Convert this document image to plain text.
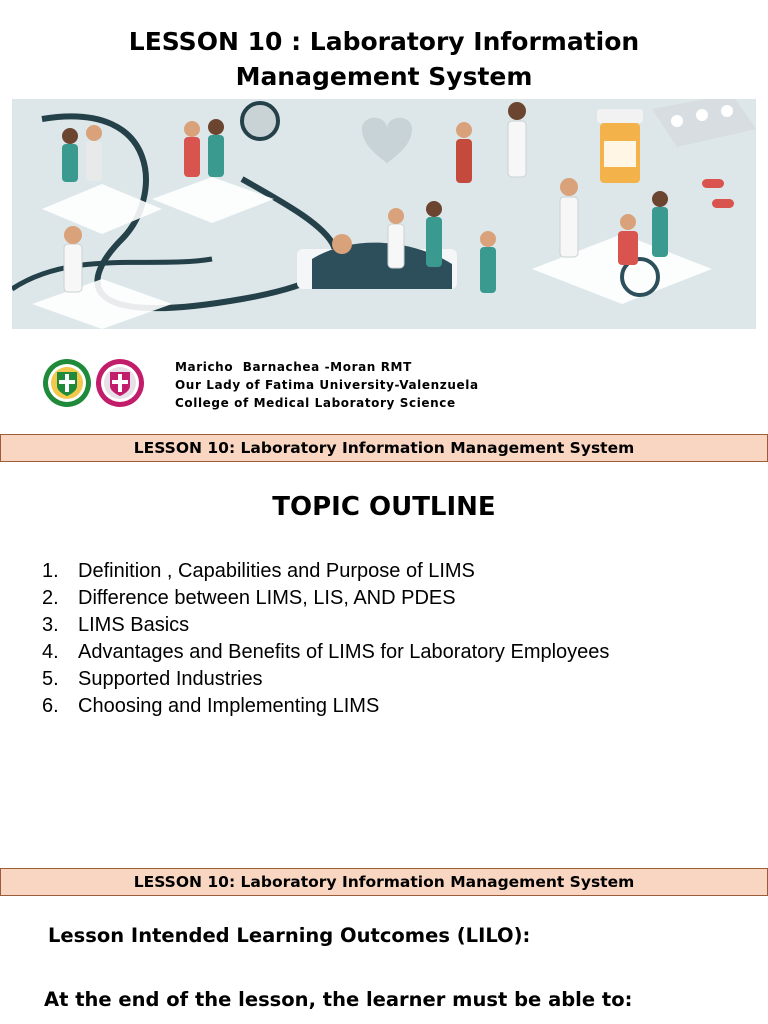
LESSON 10 : Laboratory Information
Management System
Maricho  Barnachea -Moran RMT
Our Lady of Fatima University-Valenzuela
College of Medical Laboratory Science
LESSON 10: Laboratory Information Management System
TOPIC OUTLINE
1. Definition , Capabilities and Purpose of LIMS
2. Difference between LIMS, LIS, AND PDES
3. LIMS Basics
4. Advantages and Benefits of LIMS for Laboratory Employees
5. Supported Industries
6. Choosing and Implementing LIMS
LESSON 10: Laboratory Information Management System
Lesson Intended Learning Outcomes (LILO):
At the end of the lesson, the learner must be able to:
